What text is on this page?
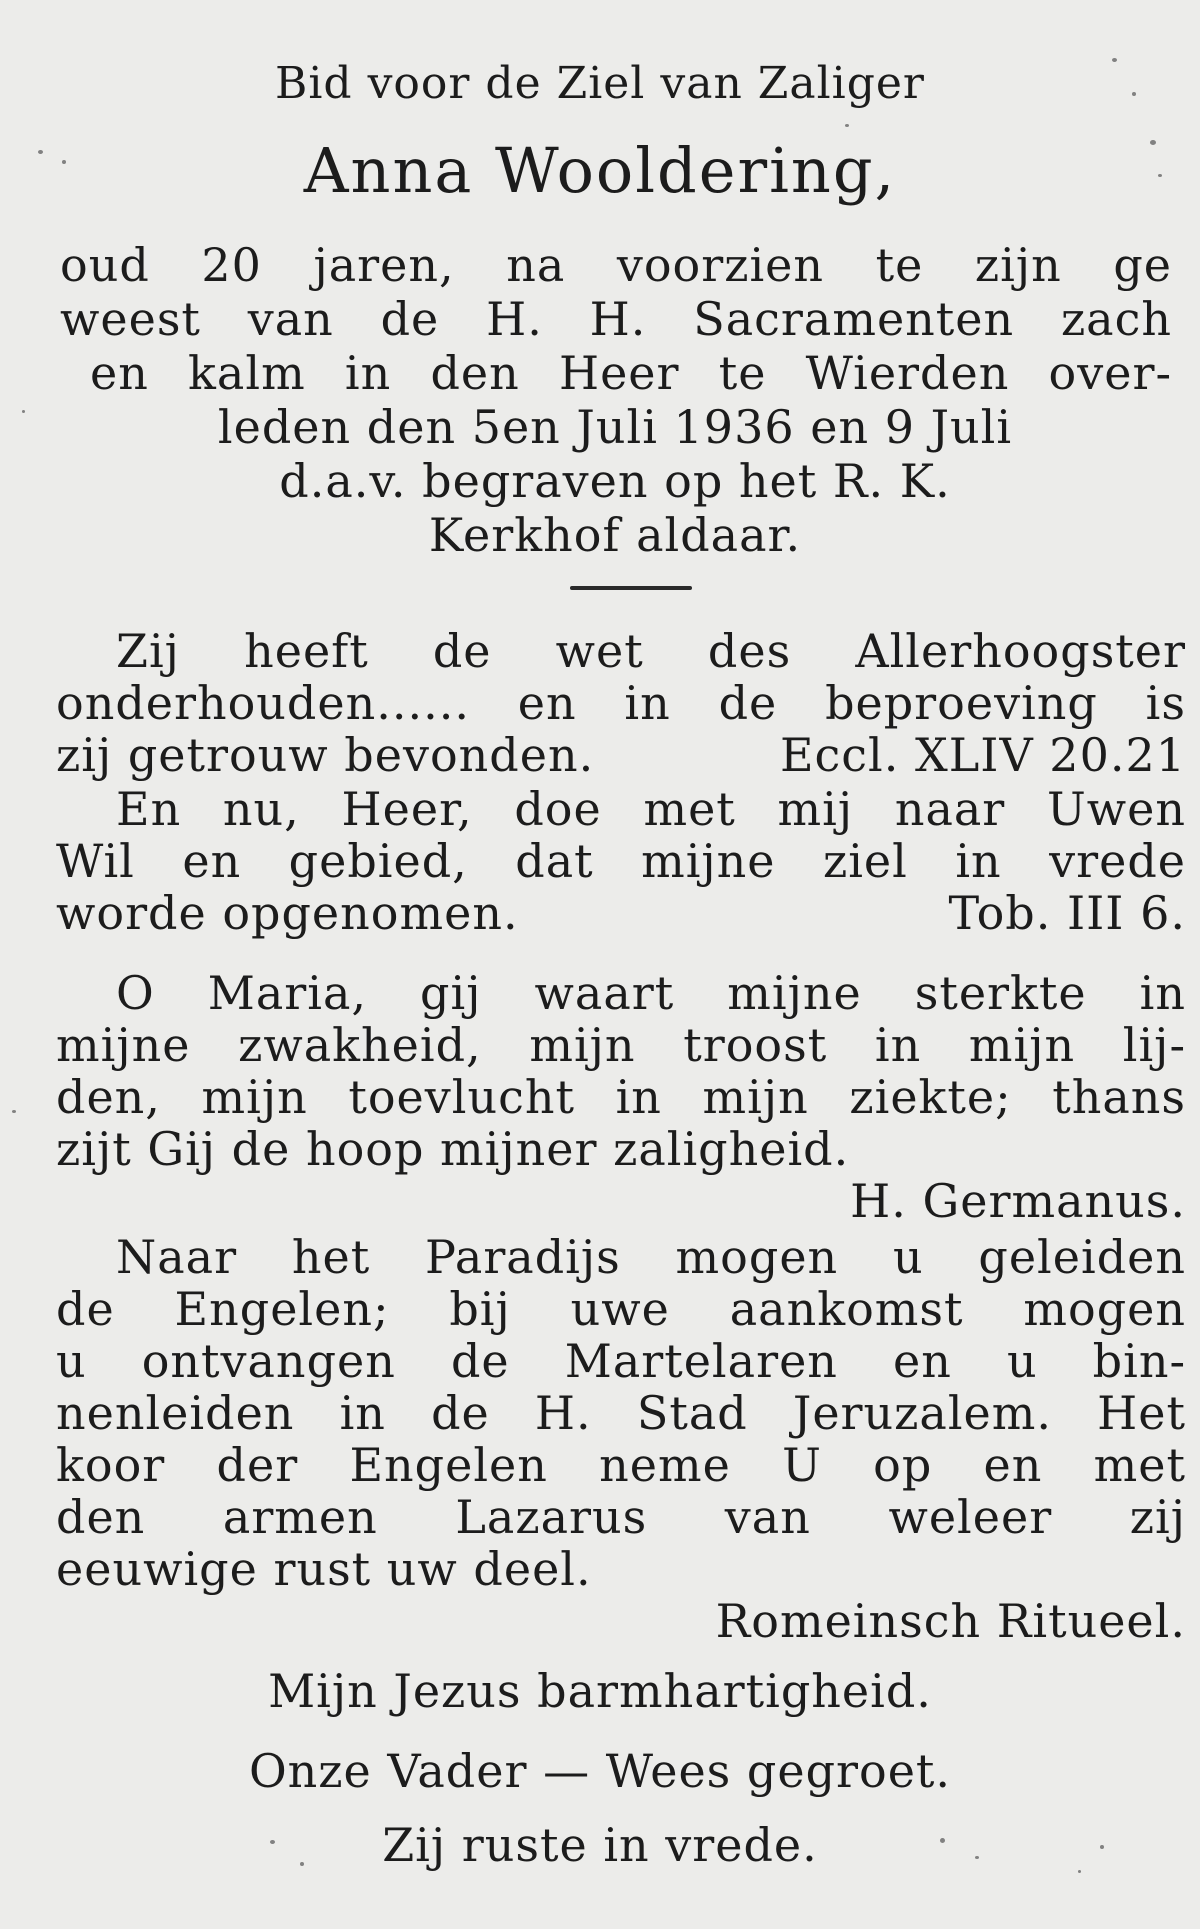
Bid voor de Ziel van Zaliger

Anna Wooldering,

oud 20 jaren, na voorzien te zijn ge

weest van de H. H. Sacramenten zach

en kalm in den Heer te Wierden over-

leden den 5en Juli 1936 en 9 Juli

d.a.v. begraven op het R. K.

Kerkhof aldaar.

Zij heeft de wet des Allerhoogster

onderhouden...... en in de beproeving is

zij getrouw bevonden.	Eccl. XLIV 20.21

En nu, Heer, doe met mij naar Uwen

Wil en gebied, dat mijne ziel in vrede

worde opgenomen.	Tob. III 6.

O Maria, gij waart mijne sterkte in

mijne zwakheid, mijn troost in mijn lij-

den, mijn toevlucht in mijn ziekte; thans

zijt Gij de hoop mijner zaligheid.

H. Germanus.

Naar het Paradijs mogen u geleiden

de Engelen; bij uwe aankomst mogen

u ontvangen de Martelaren en u bin-

nenleiden in de H. Stad Jeruzalem. Het

koor der Engelen neme U op en met

den armen Lazarus van weleer zij

eeuwige rust uw deel.

Romeinsch Ritueel.

Mijn Jezus barmhartigheid.

Onze Vader — Wees gegroet.

Zij ruste in vrede.
